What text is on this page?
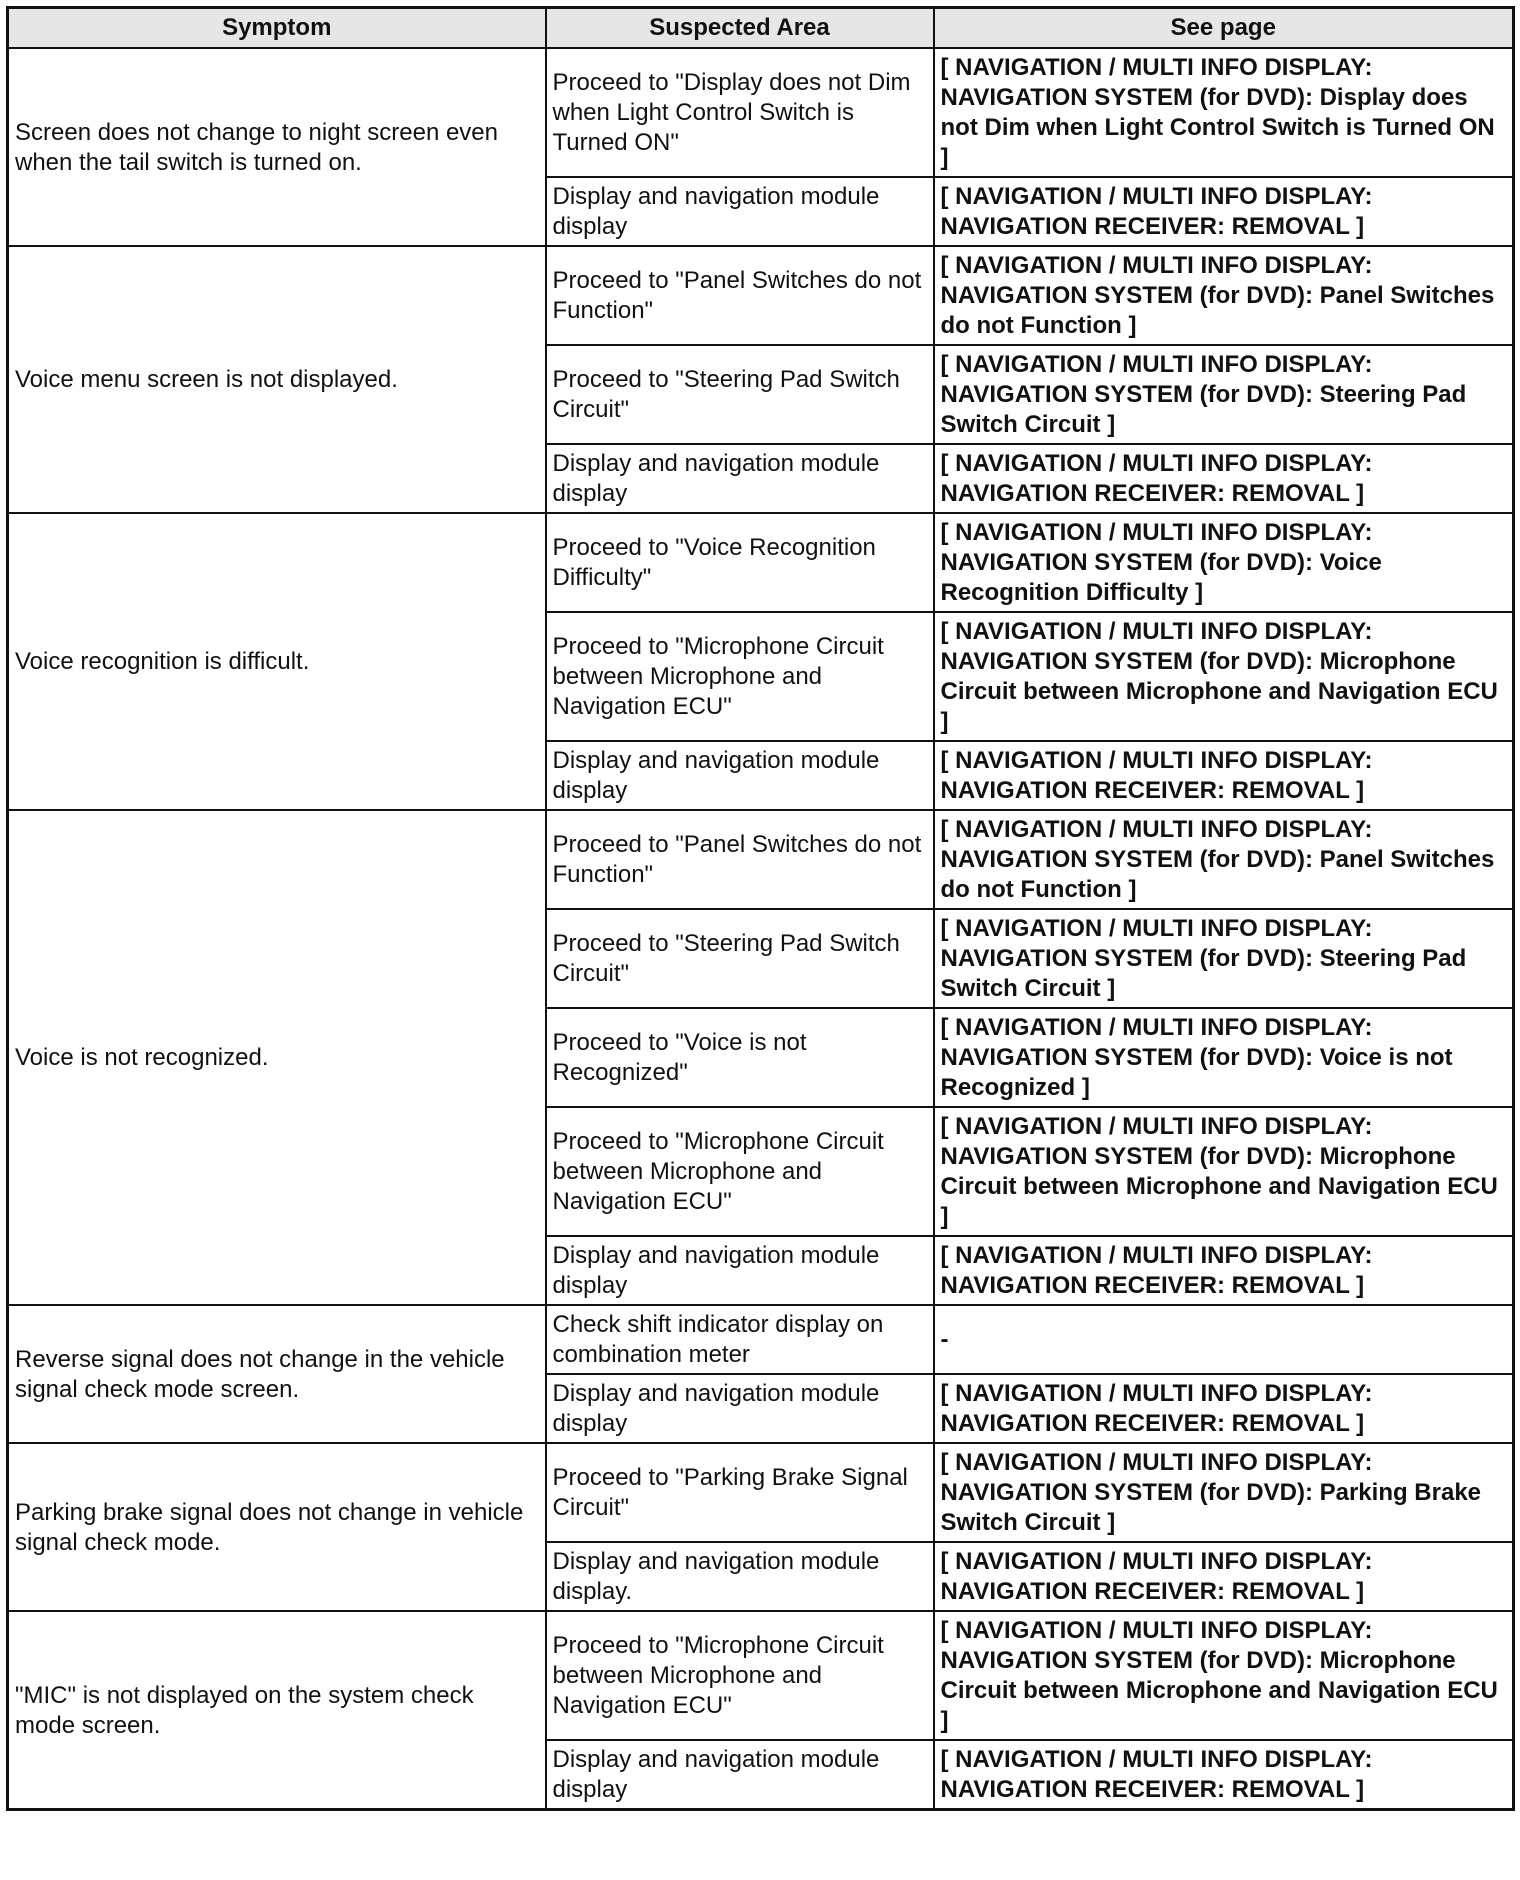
Symptom	Suspected Area	See page
Screen does not change to night screen even when the tail switch is turned on.	Proceed to "Display does not Dim when Light Control Switch is Turned ON"	[ NAVIGATION / MULTI INFO DISPLAY: NAVIGATION SYSTEM (for DVD): Display does not Dim when Light Control Switch is Turned ON ]
	Display and navigation module display	[ NAVIGATION / MULTI INFO DISPLAY: NAVIGATION RECEIVER: REMOVAL ]
Voice menu screen is not displayed.	Proceed to "Panel Switches do not Function"	[ NAVIGATION / MULTI INFO DISPLAY: NAVIGATION SYSTEM (for DVD): Panel Switches do not Function ]
	Proceed to "Steering Pad Switch Circuit"	[ NAVIGATION / MULTI INFO DISPLAY: NAVIGATION SYSTEM (for DVD): Steering Pad Switch Circuit ]
	Display and navigation module display	[ NAVIGATION / MULTI INFO DISPLAY: NAVIGATION RECEIVER: REMOVAL ]
Voice recognition is difficult.	Proceed to "Voice Recognition Difficulty"	[ NAVIGATION / MULTI INFO DISPLAY: NAVIGATION SYSTEM (for DVD): Voice Recognition Difficulty ]
	Proceed to "Microphone Circuit between Microphone and Navigation ECU"	[ NAVIGATION / MULTI INFO DISPLAY: NAVIGATION SYSTEM (for DVD): Microphone Circuit between Microphone and Navigation ECU ]
	Display and navigation module display	[ NAVIGATION / MULTI INFO DISPLAY: NAVIGATION RECEIVER: REMOVAL ]
Voice is not recognized.	Proceed to "Panel Switches do not Function"	[ NAVIGATION / MULTI INFO DISPLAY: NAVIGATION SYSTEM (for DVD): Panel Switches do not Function ]
	Proceed to "Steering Pad Switch Circuit"	[ NAVIGATION / MULTI INFO DISPLAY: NAVIGATION SYSTEM (for DVD): Steering Pad Switch Circuit ]
	Proceed to "Voice is not Recognized"	[ NAVIGATION / MULTI INFO DISPLAY: NAVIGATION SYSTEM (for DVD): Voice is not Recognized ]
	Proceed to "Microphone Circuit between Microphone and Navigation ECU"	[ NAVIGATION / MULTI INFO DISPLAY: NAVIGATION SYSTEM (for DVD): Microphone Circuit between Microphone and Navigation ECU ]
	Display and navigation module display	[ NAVIGATION / MULTI INFO DISPLAY: NAVIGATION RECEIVER: REMOVAL ]
Reverse signal does not change in the vehicle signal check mode screen.	Check shift indicator display on combination meter	-
	Display and navigation module display	[ NAVIGATION / MULTI INFO DISPLAY: NAVIGATION RECEIVER: REMOVAL ]
Parking brake signal does not change in vehicle signal check mode.	Proceed to "Parking Brake Signal Circuit"	[ NAVIGATION / MULTI INFO DISPLAY: NAVIGATION SYSTEM (for DVD): Parking Brake Switch Circuit ]
	Display and navigation module display.	[ NAVIGATION / MULTI INFO DISPLAY: NAVIGATION RECEIVER: REMOVAL ]
"MIC" is not displayed on the system check mode screen.	Proceed to "Microphone Circuit between Microphone and Navigation ECU"	[ NAVIGATION / MULTI INFO DISPLAY: NAVIGATION SYSTEM (for DVD): Microphone Circuit between Microphone and Navigation ECU ]
	Display and navigation module display	[ NAVIGATION / MULTI INFO DISPLAY: NAVIGATION RECEIVER: REMOVAL ]
